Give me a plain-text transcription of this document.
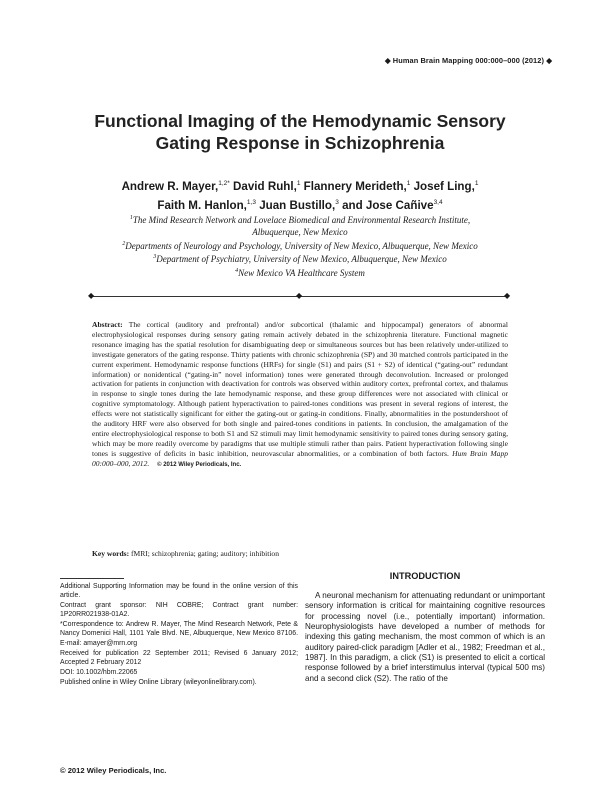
◆ Human Brain Mapping 000:000–000 (2012) ◆
Functional Imaging of the Hemodynamic Sensory
Gating Response in Schizophrenia
Andrew R. Mayer,$^{1,2*}$ David Ruhl,$^1$ Flannery Merideth,$^1$ Josef Ling,$^1$
Faith M. Hanlon,$^{1,3}$ Juan Bustillo,$^3$ and Jose Cañive$^{3,4}$
$^1$The Mind Research Network and Lovelace Biomedical and Environmental Research Institute,
Albuquerque, New Mexico
$^2$Departments of Neurology and Psychology, University of New Mexico, Albuquerque, New Mexico
$^3$Department of Psychiatry, University of New Mexico, Albuquerque, New Mexico
$^4$New Mexico VA Healthcare System
◆	◆	◆
Abstract: The cortical (auditory and prefrontal) and/or subcortical (thalamic and hippocampal) generators of abnormal electrophysiological responses during sensory gating remain actively debated in the schizophrenia literature. Functional magnetic resonance imaging has the spatial resolution for disambiguating deep or simultaneous sources but has been relatively under-utilized to investigate generators of the gating response. Thirty patients with chronic schizophrenia (SP) and 30 matched controls participated in the current experiment. Hemodynamic response functions (HRFs) for single (S1) and pairs (S1 + S2) of identical (“gating-out” redundant information) or nonidentical (“gating-in” novel information) tones were generated through deconvolution. Increased or prolonged activation for patients in conjunction with deactivation for controls was observed within auditory cortex, prefrontal cortex, and thalamus in response to single tones during the late hemodynamic response, and these group differences were not associated with clinical or cognitive symptomatology. Although patient hyperactivation to paired-tones conditions was present in several regions of interest, the effects were not statistically significant for either the gating-out or gating-in conditions. Finally, abnormalities in the postundershoot of the auditory HRF were also observed for both single and paired-tones conditions in patients. In conclusion, the amalgamation of the entire electrophysiological response to both S1 and S2 stimuli may limit hemodynamic sensitivity to paired tones during sensory gating, which may be more readily overcome by paradigms that use multiple stimuli rather than pairs. Patient hyperactivation following single tones is suggestive of deficits in basic inhibition, neurovascular abnormalities, or a combination of both factors. Hum Brain Mapp 00:000–000, 2012. © 2012 Wiley Periodicals, Inc.
Key words: fMRI; schizophrenia; gating; auditory; inhibition

Additional Supporting Information may be found in the online version of this article.

Contract grant sponsor: NIH COBRE; Contract grant number: 1P20RR021938-01A2.

*Correspondence to: Andrew R. Mayer, The Mind Research Network, Pete & Nancy Domenici Hall, 1101 Yale Blvd. NE, Albuquerque, New Mexico 87106. E-mail: amayer@mrn.org

Received for publication 22 September 2011; Revised 6 January 2012; Accepted 2 February 2012

DOI: 10.1002/hbm.22065

Published online in Wiley Online Library (wileyonlinelibrary.com).

© 2012 Wiley Periodicals, Inc.
INTRODUCTION
A neuronal mechanism for attenuating redundant or unimportant sensory information is critical for maintaining cognitive resources for processing novel (i.e., potentially important) information. Neurophysiologists have developed a number of methods for indexing this gating mechanism, the most common of which is an auditory paired-click paradigm [Adler et al., 1982; Freedman et al., 1987]. In this paradigm, a click (S1) is presented to elicit a cortical response followed by a brief interstimulus interval (typical 500 ms) and a second click (S2). The ratio of the
